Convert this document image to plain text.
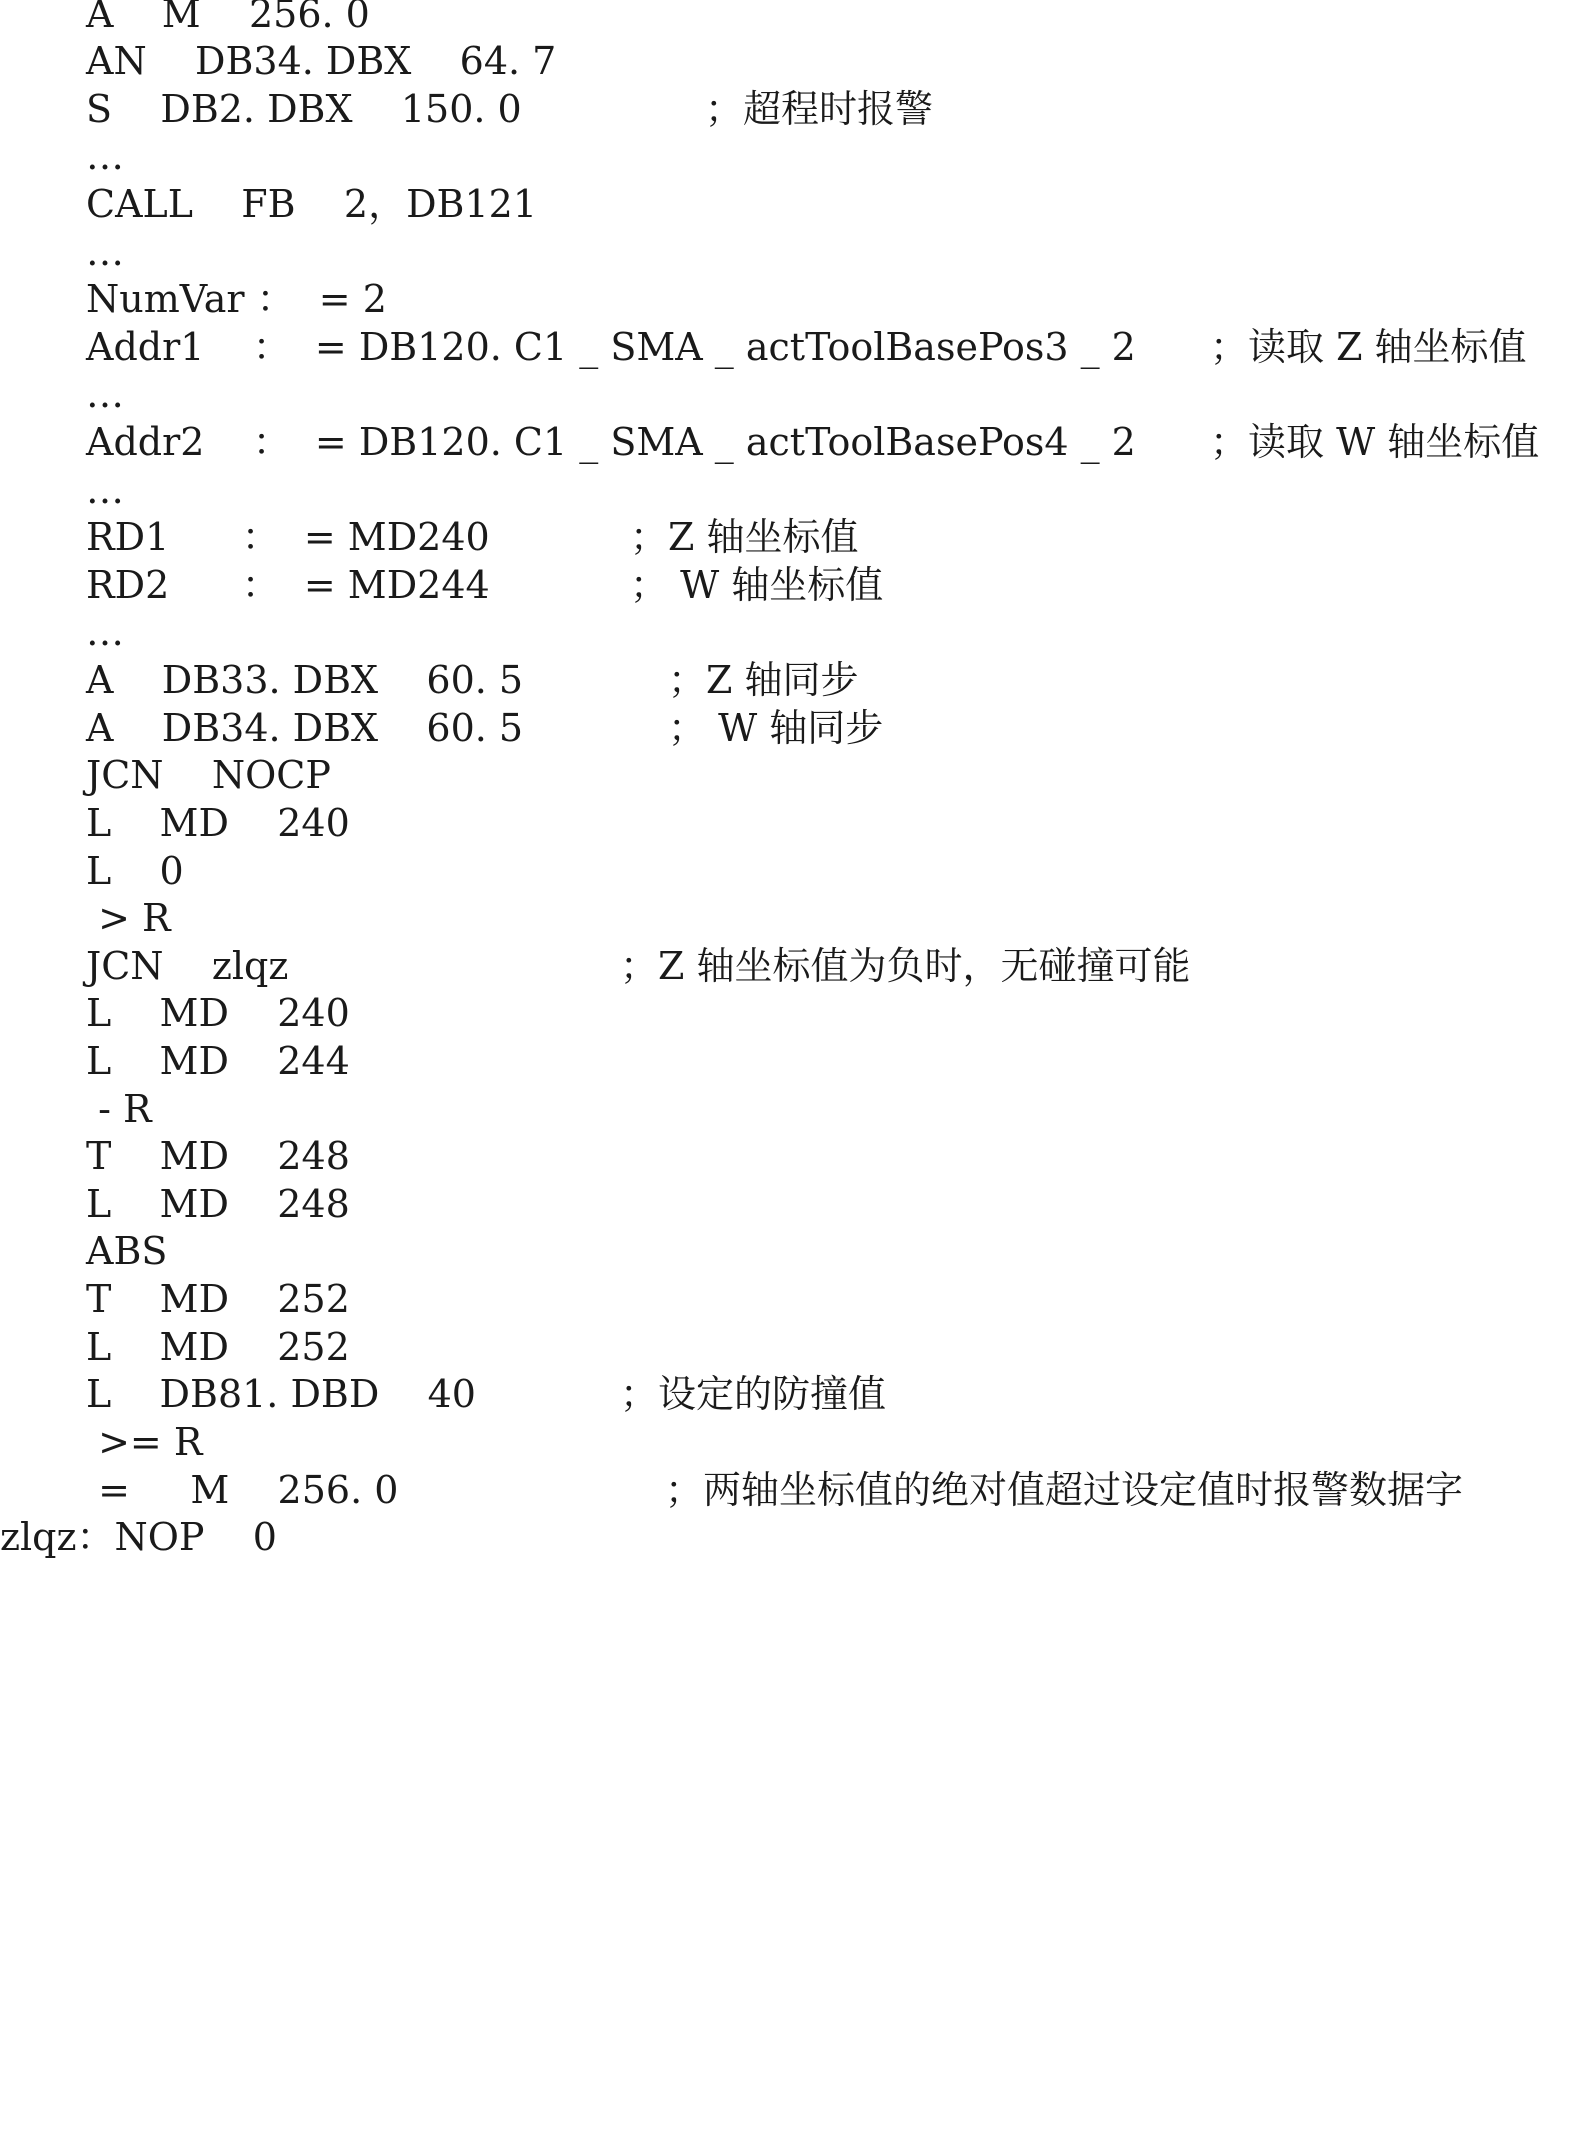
A    M    256. 0
AN    DB34. DBX    64. 7
S    DB2. DBX    150. 0	；超程时报警
…
CALL    FB    2，DB121
…
NumVar ：  = 2
Addr1    ：  = DB120. C1 _ SMA _ actToolBasePos3 _ 2 ；读取 Z 轴坐标值
…
Addr2    ：  = DB120. C1 _ SMA _ actToolBasePos4 _ 2 ；读取 W 轴坐标值
…
RD1      ：  = MD240	；Z 轴坐标值
RD2      ：  = MD244	； W 轴坐标值
…
A    DB33. DBX    60. 5	；Z 轴同步
A    DB34. DBX    60. 5	； W 轴同步
JCN    NOCP
L    MD    240
L    0
> R
JCN    zlqz	；Z 轴坐标值为负时，无碰撞可能
L    MD    240
L    MD    244
- R
T    MD    248
L    MD    248
ABS
T    MD    252
L    MD    252
L    DB81. DBD    40	；设定的防撞值
>= R
=     M    256. 0	；两轴坐标值的绝对值超过设定值时报警数据字
zlqz：NOP    0
